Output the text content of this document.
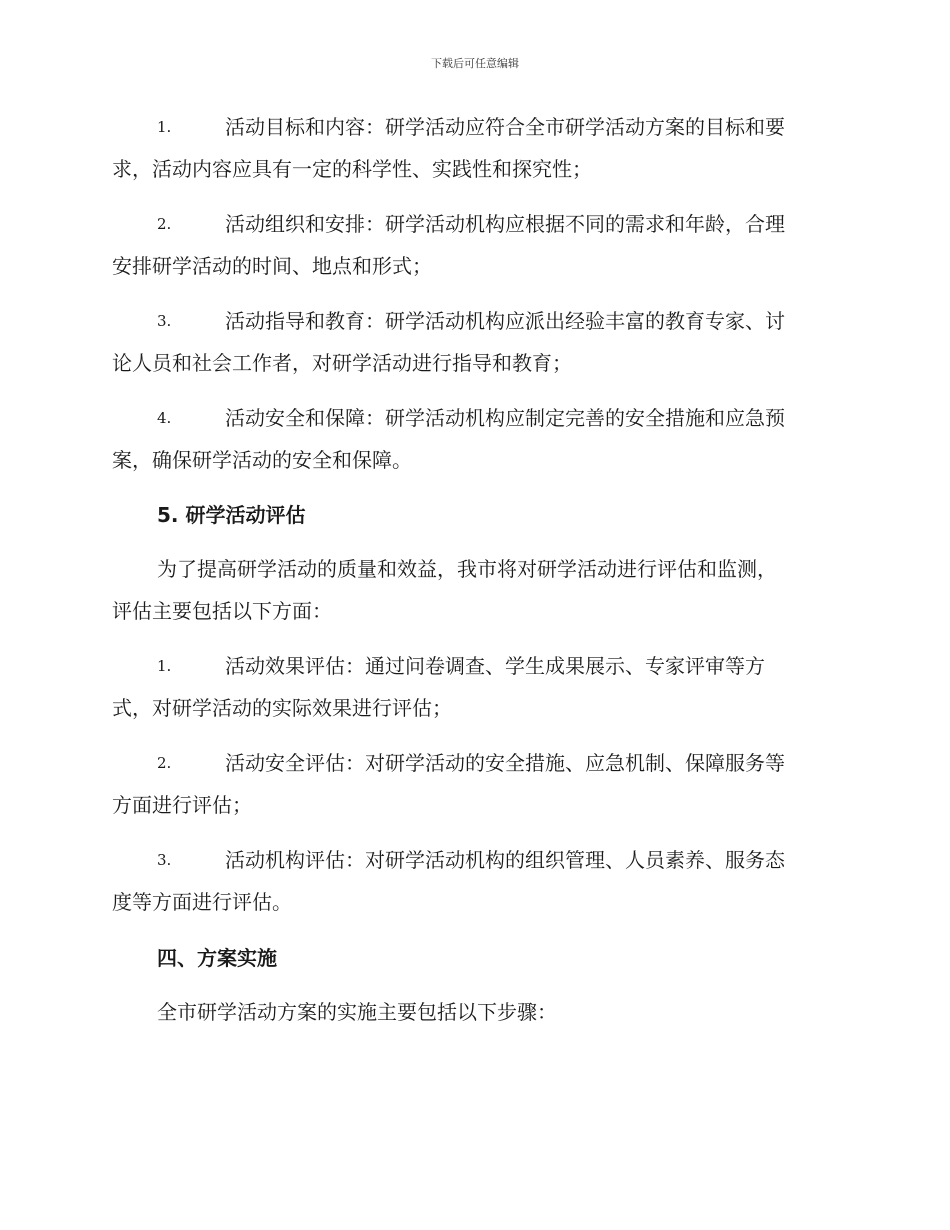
下载后可任意编辑
1.	活动目标和内容：研学活动应符合全市研学活动方案的目标和要
求，活动内容应具有一定的科学性、实践性和探究性；
2.	活动组织和安排：研学活动机构应根据不同的需求和年龄，合理
安排研学活动的时间、地点和形式；
3.	活动指导和教育：研学活动机构应派出经验丰富的教育专家、讨
论人员和社会工作者，对研学活动进行指导和教育；
4.	活动安全和保障：研学活动机构应制定完善的安全措施和应急预
案，确保研学活动的安全和保障。
5. 研学活动评估
为了提高研学活动的质量和效益，我市将对研学活动进行评估和监测，
评估主要包括以下方面：
1.	活动效果评估：通过问卷调查、学生成果展示、专家评审等方
式，对研学活动的实际效果进行评估；
2.	活动安全评估：对研学活动的安全措施、应急机制、保障服务等
方面进行评估；
3.	活动机构评估：对研学活动机构的组织管理、人员素养、服务态
度等方面进行评估。
四、方案实施
全市研学活动方案的实施主要包括以下步骤：
